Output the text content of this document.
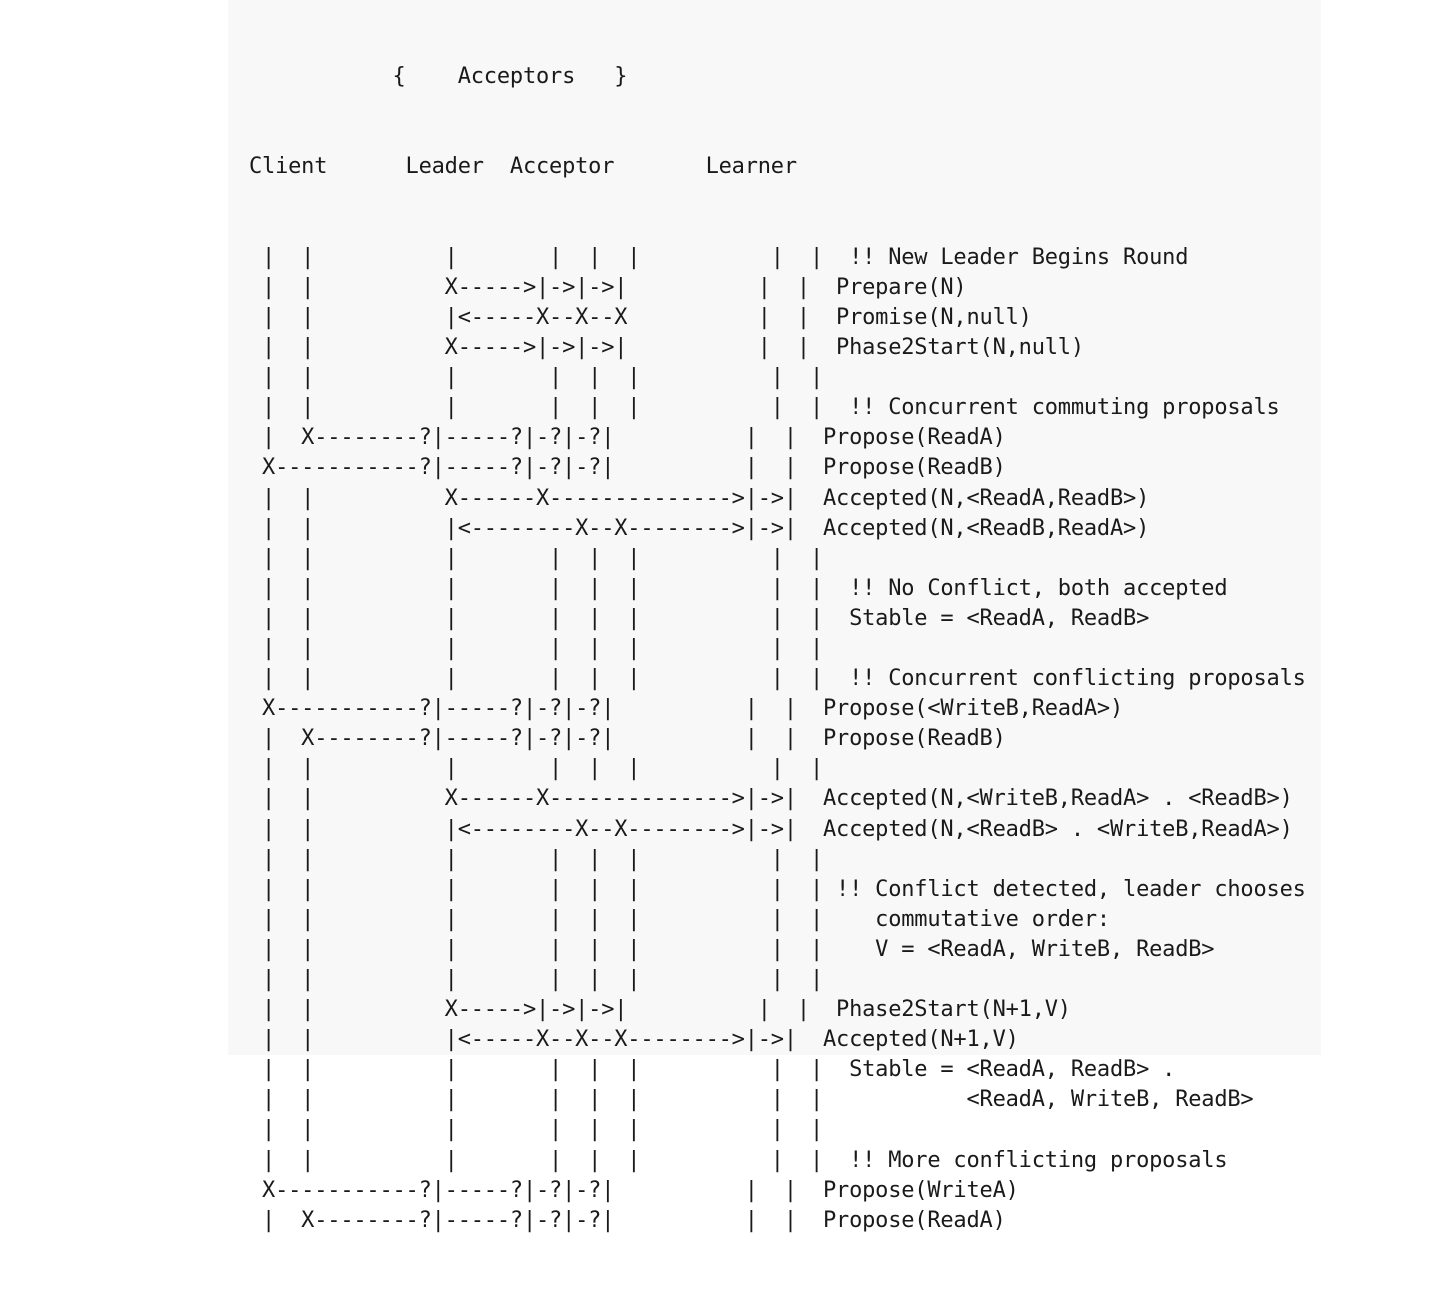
{    Acceptors   }

Client      Leader  Acceptor       Learner

|  |          |       |  |  |          |  |  !! New Leader Begins Round
|  |          X----->|->|->|          |  |  Prepare(N)
|  |          |<-----X--X--X          |  |  Promise(N,null)
|  |          X----->|->|->|          |  |  Phase2Start(N,null)
|  |          |       |  |  |          |  |
|  |          |       |  |  |          |  |  !! Concurrent commuting proposals
|  X--------?|-----?|-?|-?|          |  |  Propose(ReadA)
X-----------?|-----?|-?|-?|          |  |  Propose(ReadB)
|  |          X------X-------------->|->|  Accepted(N,<ReadA,ReadB>)
|  |          |<--------X--X-------->|->|  Accepted(N,<ReadB,ReadA>)
|  |          |       |  |  |          |  |
|  |          |       |  |  |          |  |  !! No Conflict, both accepted
|  |          |       |  |  |          |  |  Stable = <ReadA, ReadB>
|  |          |       |  |  |          |  |
|  |          |       |  |  |          |  |  !! Concurrent conflicting proposals
X-----------?|-----?|-?|-?|          |  |  Propose(<WriteB,ReadA>)
|  X--------?|-----?|-?|-?|          |  |  Propose(ReadB)
|  |          |       |  |  |          |  |
|  |          X------X-------------->|->|  Accepted(N,<WriteB,ReadA> . <ReadB>)
|  |          |<--------X--X-------->|->|  Accepted(N,<ReadB> . <WriteB,ReadA>)
|  |          |       |  |  |          |  |
|  |          |       |  |  |          |  | !! Conflict detected, leader chooses
|  |          |       |  |  |          |  |    commutative order:
|  |          |       |  |  |          |  |    V = <ReadA, WriteB, ReadB>
|  |          |       |  |  |          |  |
|  |          X----->|->|->|          |  |  Phase2Start(N+1,V)
|  |          |<-----X--X--X-------->|->|  Accepted(N+1,V)
|  |          |       |  |  |          |  |  Stable = <ReadA, ReadB> .
|  |          |       |  |  |          |  |           <ReadA, WriteB, ReadB>
|  |          |       |  |  |          |  |
|  |          |       |  |  |          |  |  !! More conflicting proposals
X-----------?|-----?|-?|-?|          |  |  Propose(WriteA)
|  X--------?|-----?|-?|-?|          |  |  Propose(ReadA)
